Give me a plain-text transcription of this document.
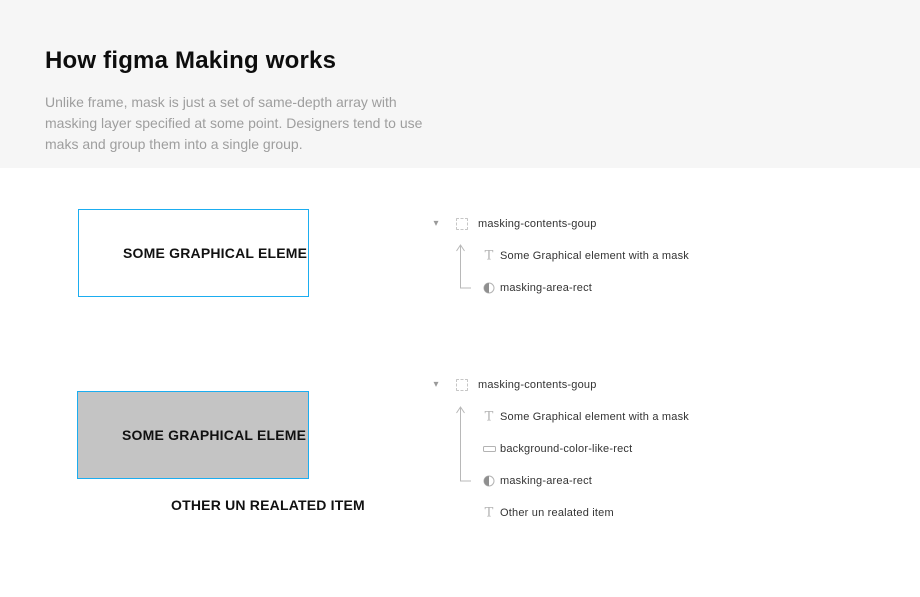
How figma Making works

Unlike frame, mask is just a set of same-depth array with
masking layer specified at some point. Designers tend to use
maks and group them into a single group.

SOME GRAPHICAL ELEME
▾	masking-contents-goup
T Some Graphical element with a mask
masking-area-rect
SOME GRAPHICAL ELEME
OTHER UN REALATED ITEM
▾	masking-contents-goup
T Some Graphical element with a mask
background-color-like-rect
masking-area-rect
T Other un realated item
